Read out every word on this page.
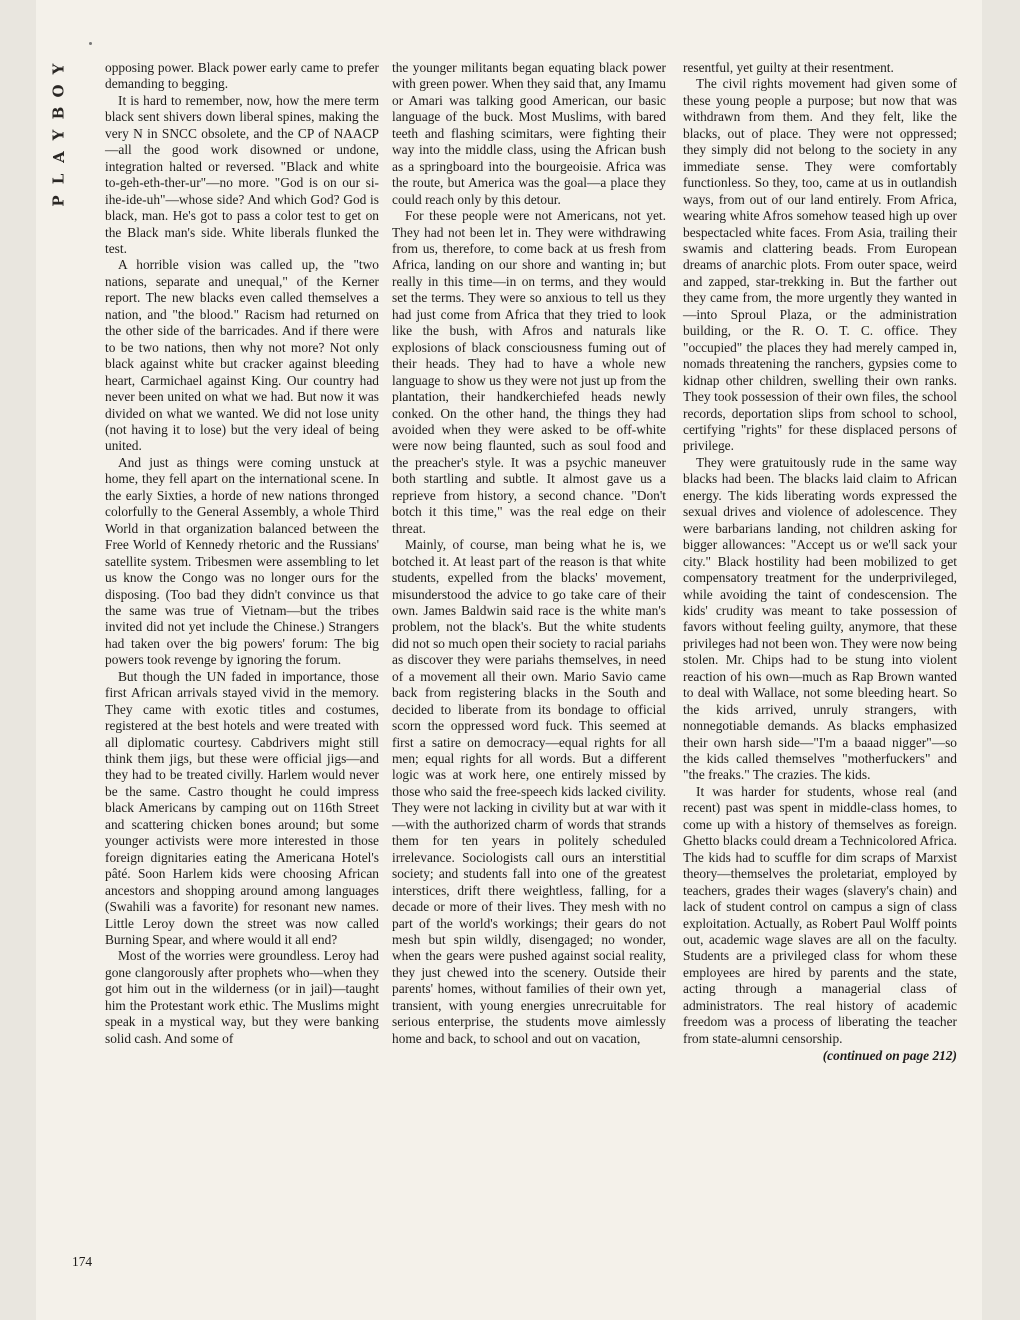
Y
O
B
Y
A
L
P

opposing power. Black power early came to prefer demanding to begging.

It is hard to remember, now, how the mere term black sent shivers down liberal spines, making the very N in SNCC obsolete, and the CP of NAACP—all the good work disowned or undone, integration halted or reversed. "Black and white to-geh-eth-ther-ur"—no more. "God is on our si-ihe-ide-uh"—whose side? And which God? God is black, man. He's got to pass a color test to get on the Black man's side. White liberals flunked the test.

A horrible vision was called up, the "two nations, separate and unequal," of the Kerner report. The new blacks even called themselves a nation, and "the blood." Racism had returned on the other side of the barricades. And if there were to be two nations, then why not more? Not only black against white but cracker against bleeding heart, Carmichael against King. Our country had never been united on what we had. But now it was divided on what we wanted. We did not lose unity (not having it to lose) but the very ideal of being united.

And just as things were coming unstuck at home, they fell apart on the international scene. In the early Sixties, a horde of new nations thronged colorfully to the General Assembly, a whole Third World in that organization balanced between the Free World of Kennedy rhetoric and the Russians' satellite system. Tribesmen were assembling to let us know the Congo was no longer ours for the disposing. (Too bad they didn't convince us that the same was true of Vietnam—but the tribes invited did not yet include the Chinese.) Strangers had taken over the big powers' forum: The big powers took revenge by ignoring the forum.

But though the UN faded in importance, those first African arrivals stayed vivid in the memory. They came with exotic titles and costumes, registered at the best hotels and were treated with all diplomatic courtesy. Cabdrivers might still think them jigs, but these were official jigs—and they had to be treated civilly. Harlem would never be the same. Castro thought he could impress black Americans by camping out on 116th Street and scattering chicken bones around; but some younger activists were more interested in those foreign dignitaries eating the Americana Hotel's pâté. Soon Harlem kids were choosing African ancestors and shopping around among languages (Swahili was a favorite) for resonant new names. Little Leroy down the street was now called Burning Spear, and where would it all end?

Most of the worries were groundless. Leroy had gone clangorously after prophets who—when they got him out in the wilderness (or in jail)—taught him the Protestant work ethic. The Muslims might speak in a mystical way, but they were banking solid cash. And some of

the younger militants began equating black power with green power. When they said that, any Imamu or Amari was talking good American, our basic language of the buck. Most Muslims, with bared teeth and flashing scimitars, were fighting their way into the middle class, using the African bush as a springboard into the bourgeoisie. Africa was the route, but America was the goal—a place they could reach only by this detour.

For these people were not Americans, not yet. They had not been let in. They were withdrawing from us, therefore, to come back at us fresh from Africa, landing on our shore and wanting in; but really in this time—in on terms, and they would set the terms. They were so anxious to tell us they had just come from Africa that they tried to look like the bush, with Afros and naturals like explosions of black consciousness fuming out of their heads. They had to have a whole new language to show us they were not just up from the plantation, their handkerchiefed heads newly conked. On the other hand, the things they had avoided when they were asked to be off-white were now being flaunted, such as soul food and the preacher's style. It was a psychic maneuver both startling and subtle. It almost gave us a reprieve from history, a second chance. "Don't botch it this time," was the real edge on their threat.

Mainly, of course, man being what he is, we botched it. At least part of the reason is that white students, expelled from the blacks' movement, misunderstood the advice to go take care of their own. James Baldwin said race is the white man's problem, not the black's. But the white students did not so much open their society to racial pariahs as discover they were pariahs themselves, in need of a movement all their own. Mario Savio came back from registering blacks in the South and decided to liberate from its bondage to official scorn the oppressed word fuck. This seemed at first a satire on democracy—equal rights for all men; equal rights for all words. But a different logic was at work here, one entirely missed by those who said the free-speech kids lacked civility. They were not lacking in civility but at war with it—with the authorized charm of words that strands them for ten years in politely scheduled irrelevance. Sociologists call ours an interstitial society; and students fall into one of the greatest interstices, drift there weightless, falling, for a decade or more of their lives. They mesh with no part of the world's workings; their gears do not mesh but spin wildly, disengaged; no wonder, when the gears were pushed against social reality, they just chewed into the scenery. Outside their parents' homes, without families of their own yet, transient, with young energies unrecruitable for serious enterprise, the students move aimlessly home and back, to school and out on vacation,

resentful, yet guilty at their resentment.

The civil rights movement had given some of these young people a purpose; but now that was withdrawn from them. And they felt, like the blacks, out of place. They were not oppressed; they simply did not belong to the society in any immediate sense. They were comfortably functionless. So they, too, came at us in outlandish ways, from out of our land entirely. From Africa, wearing white Afros somehow teased high up over bespectacled white faces. From Asia, trailing their swamis and clattering beads. From European dreams of anarchic plots. From outer space, weird and zapped, star-trekking in. But the farther out they came from, the more urgently they wanted in—into Sproul Plaza, or the administration building, or the R. O. T. C. office. They "occupied" the places they had merely camped in, nomads threatening the ranchers, gypsies come to kidnap other children, swelling their own ranks. They took possession of their own files, the school records, deportation slips from school to school, certifying "rights" for these displaced persons of privilege.

They were gratuitously rude in the same way blacks had been. The blacks laid claim to African energy. The kids liberating words expressed the sexual drives and violence of adolescence. They were barbarians landing, not children asking for bigger allowances: "Accept us or we'll sack your city." Black hostility had been mobilized to get compensatory treatment for the underprivileged, while avoiding the taint of condescension. The kids' crudity was meant to take possession of favors without feeling guilty, anymore, that these privileges had not been won. They were now being stolen. Mr. Chips had to be stung into violent reaction of his own—much as Rap Brown wanted to deal with Wallace, not some bleeding heart. So the kids arrived, unruly strangers, with nonnegotiable demands. As blacks emphasized their own harsh side—"I'm a baaad nigger"—so the kids called themselves "motherfuckers" and "the freaks." The crazies. The kids.

It was harder for students, whose real (and recent) past was spent in middle-class homes, to come up with a history of themselves as foreign. Ghetto blacks could dream a Technicolored Africa. The kids had to scuffle for dim scraps of Marxist theory—themselves the proletariat, employed by teachers, grades their wages (slavery's chain) and lack of student control on campus a sign of class exploitation. Actually, as Robert Paul Wolff points out, academic wage slaves are all on the faculty. Students are a privileged class for whom these employees are hired by parents and the state, acting through a managerial class of administrators. The real history of academic freedom was a process of liberating the teacher from state-alumni censorship.

(continued on page 212)

174
